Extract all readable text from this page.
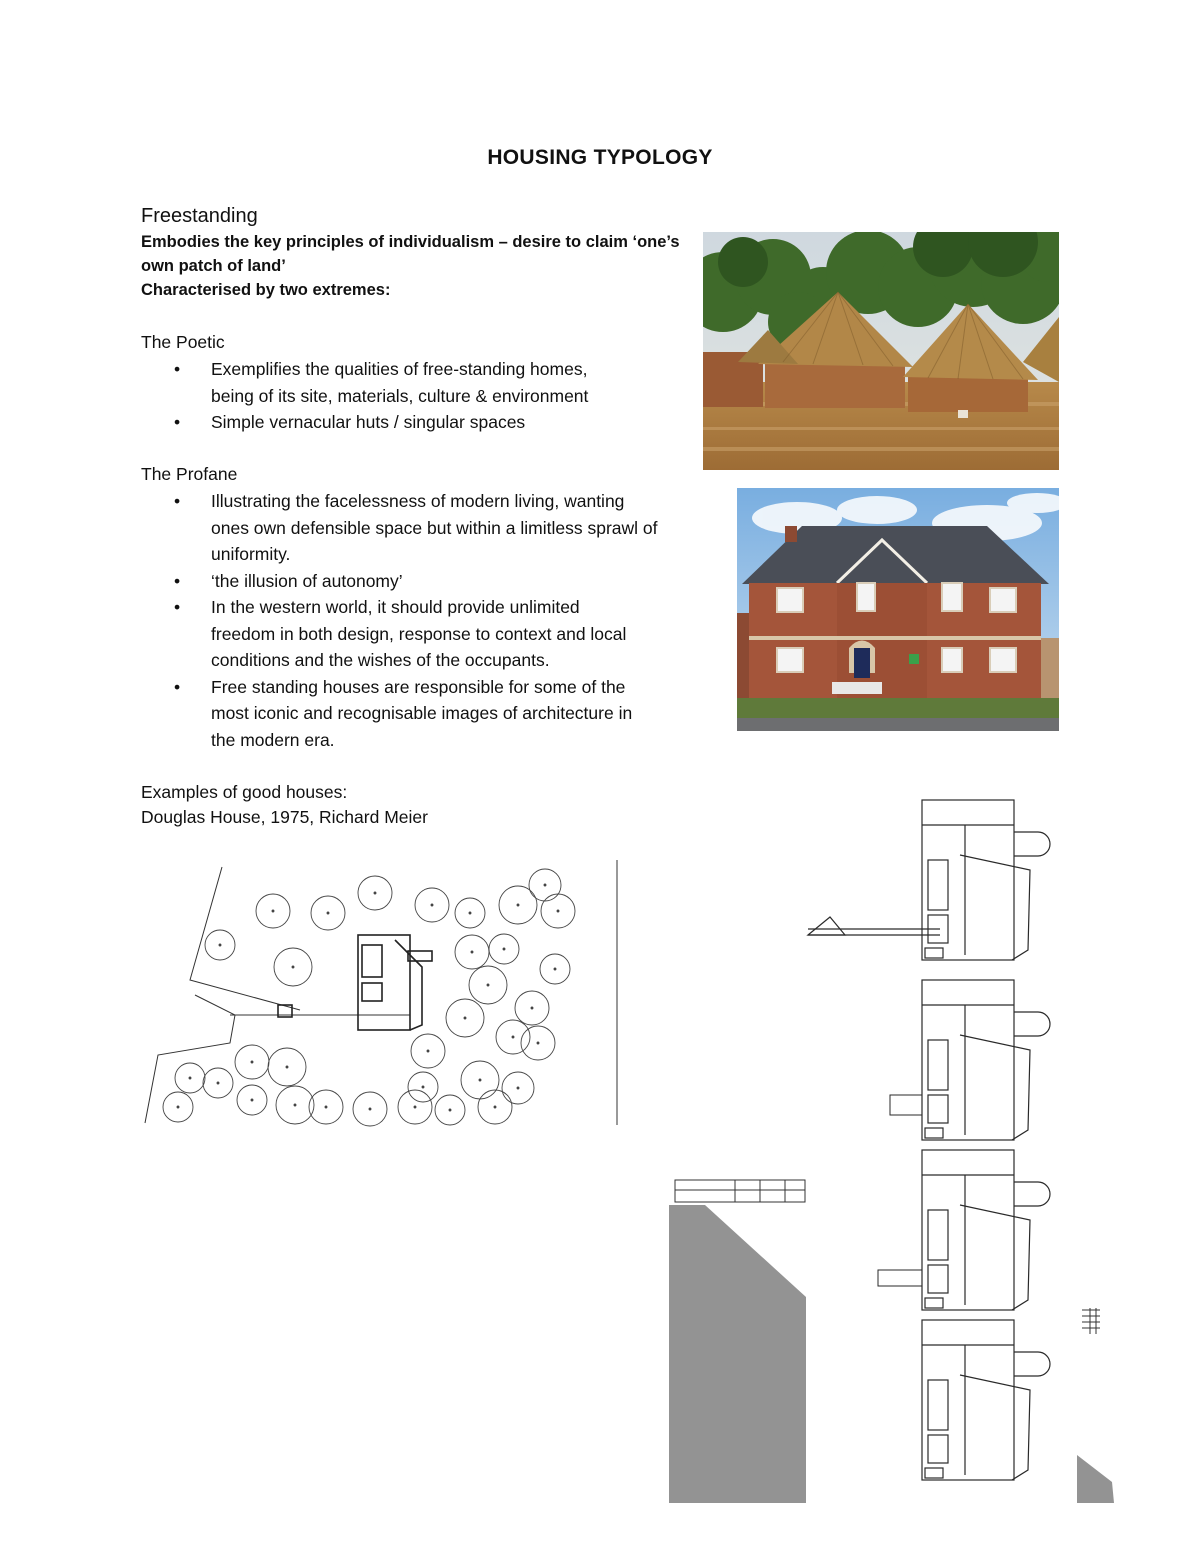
HOUSING TYPOLOGY
Freestanding
Embodies the key principles of individualism – desire to claim ‘one’s
own patch of land’
Characterised by two extremes:
The Poetic
• Exemplifies the qualities of free-standing homes,
being of its site, materials, culture & environment
• Simple vernacular huts / singular spaces
The Profane
• Illustrating the facelessness of modern living, wanting
ones own defensible space but within a limitless sprawl of
uniformity.
• ‘the illusion of autonomy’
• In the western world, it should provide unlimited
freedom in both design, response to context and local
conditions and the wishes of the occupants.
• Free standing houses are responsible for some of the
most iconic and recognisable images of architecture in
the modern era.
Examples of good houses:
Douglas House, 1975, Richard Meier
